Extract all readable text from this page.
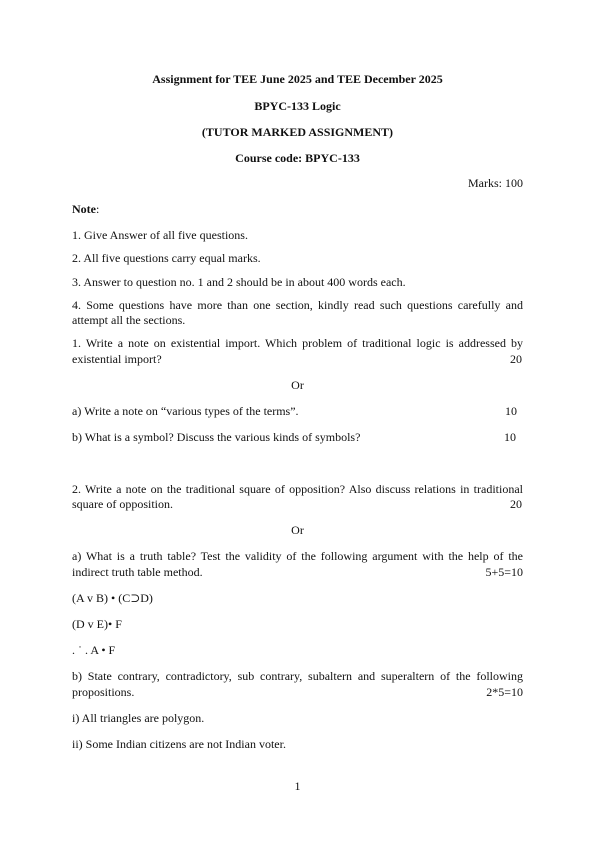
Assignment for TEE June 2025 and TEE December 2025
BPYC-133 Logic
(TUTOR MARKED ASSIGNMENT)
Course code: BPYC-133
Marks: 100
Note:
1. Give Answer of all five questions.
2. All five questions carry equal marks.
3. Answer to question no. 1 and 2 should be in about 400 words each.
4. Some questions have more than one section, kindly read such questions carefully and
attempt all the sections.
1. Write a note on existential import. Which problem of traditional logic is addressed by
existential import?	20
Or
a) Write a note on “various types of the terms”.	10
b) What is a symbol? Discuss the various kinds of symbols?	10
2. Write a note on the traditional square of opposition? Also discuss relations in traditional
square of opposition.	20
Or
a) What is a truth table? Test the validity of the following argument with the help of the
indirect truth table method.	5+5=10
(A v B) • (C⊃D)
(D v E)• F
. ˙ . A • F
b) State contrary, contradictory, sub contrary, subaltern and superaltern of the following
propositions.	2*5=10
i) All triangles are polygon.
ii) Some Indian citizens are not Indian voter.
1
